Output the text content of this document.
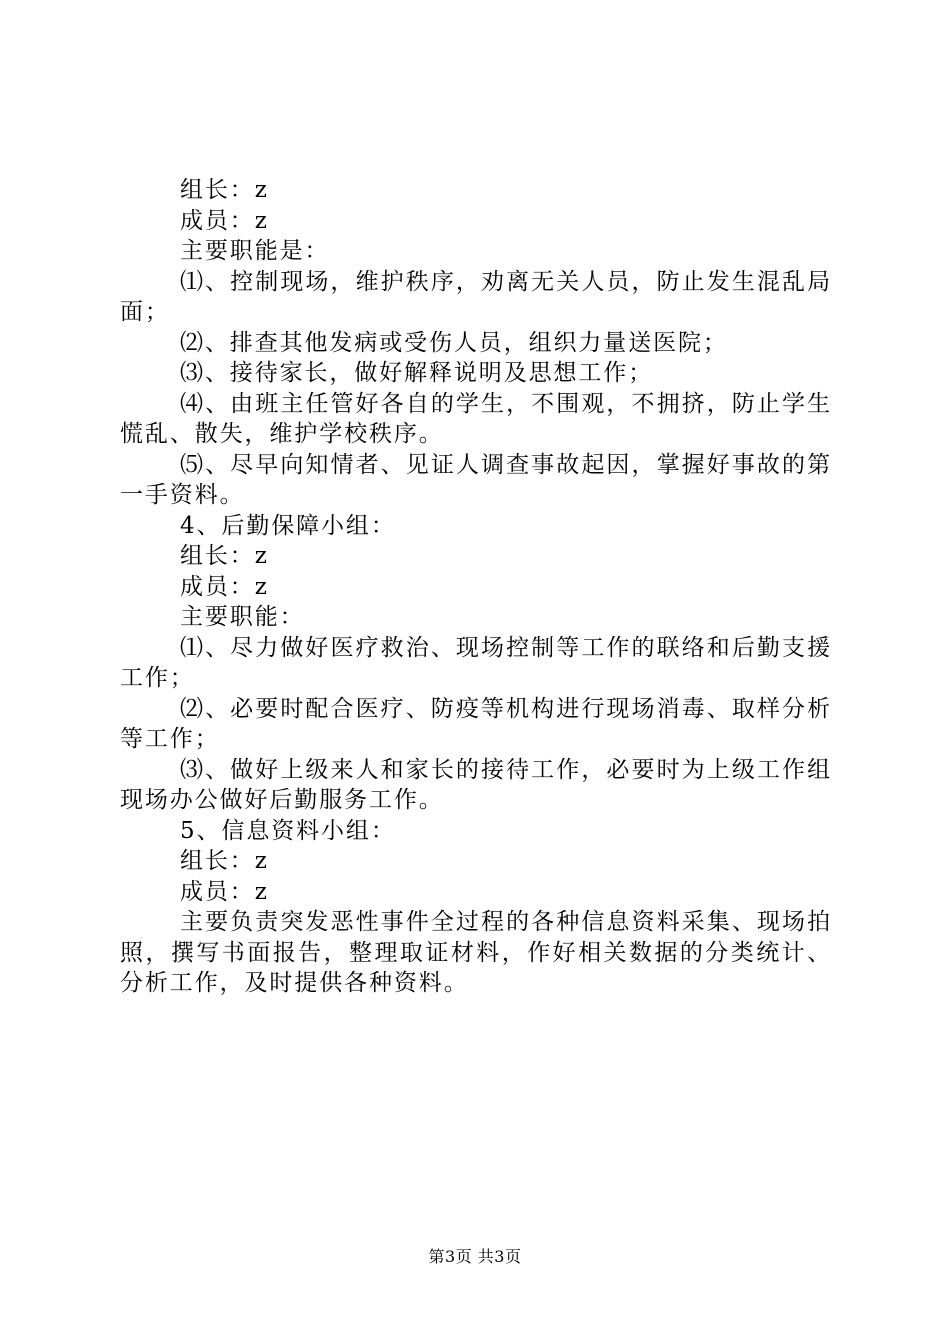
组长：z

成员：z

主要职能是：

⑴、控制现场，维护秩序，劝离无关人员，防止发生混乱局面；

⑵、排查其他发病或受伤人员，组织力量送医院；

⑶、接待家长，做好解释说明及思想工作；

⑷、由班主任管好各自的学生，不围观，不拥挤，防止学生慌乱、散失，维护学校秩序。

⑸、尽早向知情者、见证人调查事故起因，掌握好事故的第一手资料。

4、后勤保障小组：

组长：z

成员：z

主要职能：

⑴、尽力做好医疗救治、现场控制等工作的联络和后勤支援工作；

⑵、必要时配合医疗、防疫等机构进行现场消毒、取样分析等工作；

⑶、做好上级来人和家长的接待工作，必要时为上级工作组现场办公做好后勤服务工作。

5、信息资料小组：

组长：z

成员：z

主要负责突发恶性事件全过程的各种信息资料采集、现场拍照，撰写书面报告，整理取证材料，作好相关数据的分类统计、分析工作，及时提供各种资料。

第3页 共3页
